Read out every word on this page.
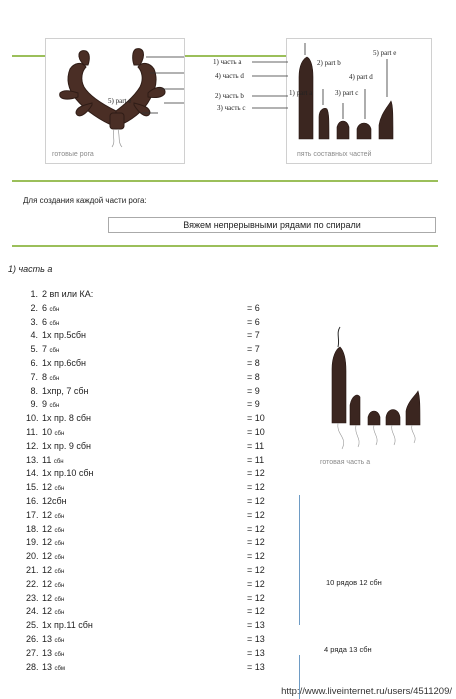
5) part e
готовые рога
1) часть a
4) часть d
2) часть b
3) часть c
5) part e
2) part b
4) part d
1) part a	3) part c
пять составных частей
Для создания каждой части рога:
Вяжем непрерывными рядами по спирали
1) часть а
1. 2 вп или КА:
2. 6 сбн	= 6
3. 6 сбн	= 6
4. 1х пр.5сбн	= 7
5. 7 сбн	= 7
6. 1х пр.6сбн	= 8
7. 8 сбн	= 8
8. 1хпр, 7 сбн	= 9
9. 9 сбн	= 9
10. 1х пр. 8 сбн	= 10
11. 10 сбн	= 10
12. 1х пр. 9 сбн	= 11
13. 11 сбн	= 11
14. 1х пр.10 сбн	= 12
15. 12 сбн	= 12
16. 12сбн	= 12
17. 12 сбн	= 12
18. 12 сбн	= 12
19. 12 сбн	= 12
20. 12 сбн	= 12
21. 12 сбн	= 12
22. 12 сбн	= 12
23. 12 сбн	= 12
24. 12 сбн	= 12
25. 1х пр.11 сбн	= 13
26. 13 сбн	= 13
27. 13 сбн	= 13
28. 13 сбм	= 13
готовая часть а
10 рядов 12 сбн
4 ряда 13 сбн
http://www.liveinternet.ru/users/4511209/
